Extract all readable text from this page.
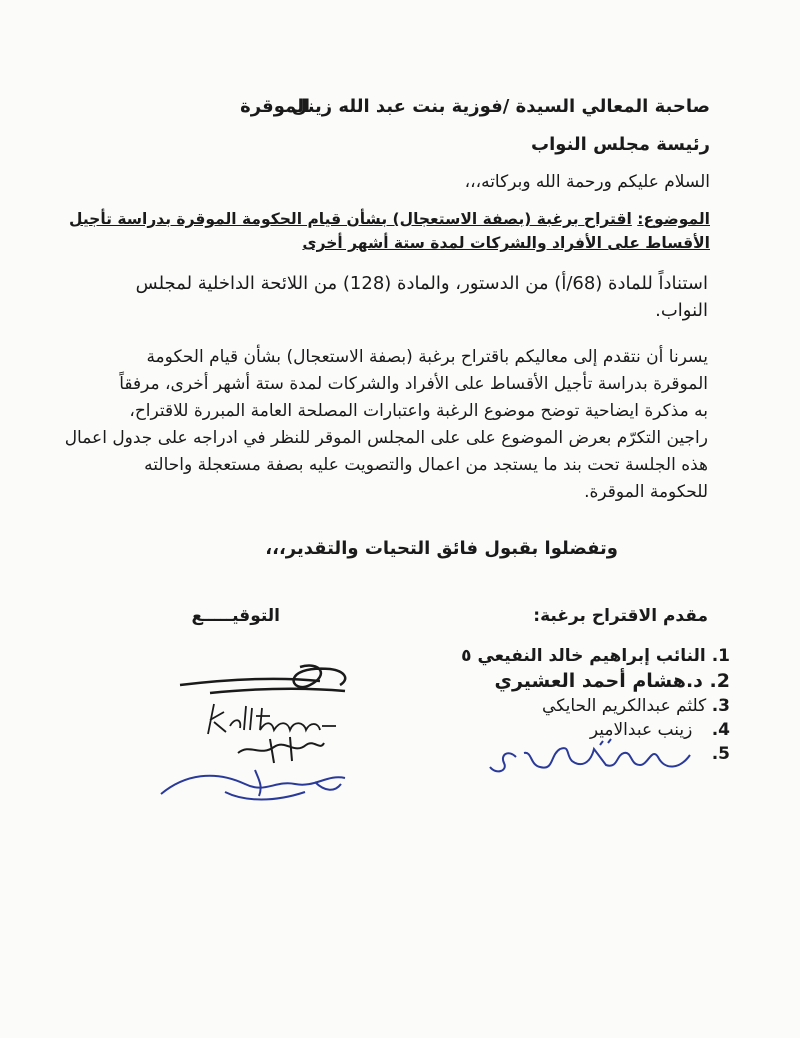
صاحبة المعالي السيدة /فوزية بنت عبد الله زينل
الموقرة
رئيسة مجلس النواب
السلام عليكم ورحمة الله وبركاته،،،
الموضوع: اقتراح برغبة (بصفة الاستعجال) بشأن قيام الحكومة الموقرة بدراسة تأجيل
الأقساط على الأفراد والشركات لمدة ستة أشهر أخرى
استناداً للمادة (68/أ) من الدستور، والمادة (128) من اللائحة الداخلية لمجلس
النواب.
يسرنا أن نتقدم إلى معاليكم باقتراح برغبة (بصفة الاستعجال) بشأن قيام الحكومة
الموقرة بدراسة تأجيل الأقساط على الأفراد والشركات لمدة ستة أشهر أخرى، مرفقاً
به مذكرة ايضاحية توضح موضوع الرغبة واعتبارات المصلحة العامة المبررة للاقتراح،
راجين التكرّم بعرض الموضوع على على المجلس الموقر للنظر في ادراجه على جدول اعمال
هذه الجلسة تحت بند ما يستجد من اعمال والتصويت عليه بصفة مستعجلة واحالته
للحكومة الموقرة.
وتفضلوا بقبول فائق التحيات والتقدير،،،
مقدم الاقتراح برغبة:
التوقيـــــع
1. النائب إبراهيم خالد النفيعي ٥
2. د.هشام أحمد العشيري
3. كلثم عبدالكريم الحايكي
4. زينب عبدالامير
5.
